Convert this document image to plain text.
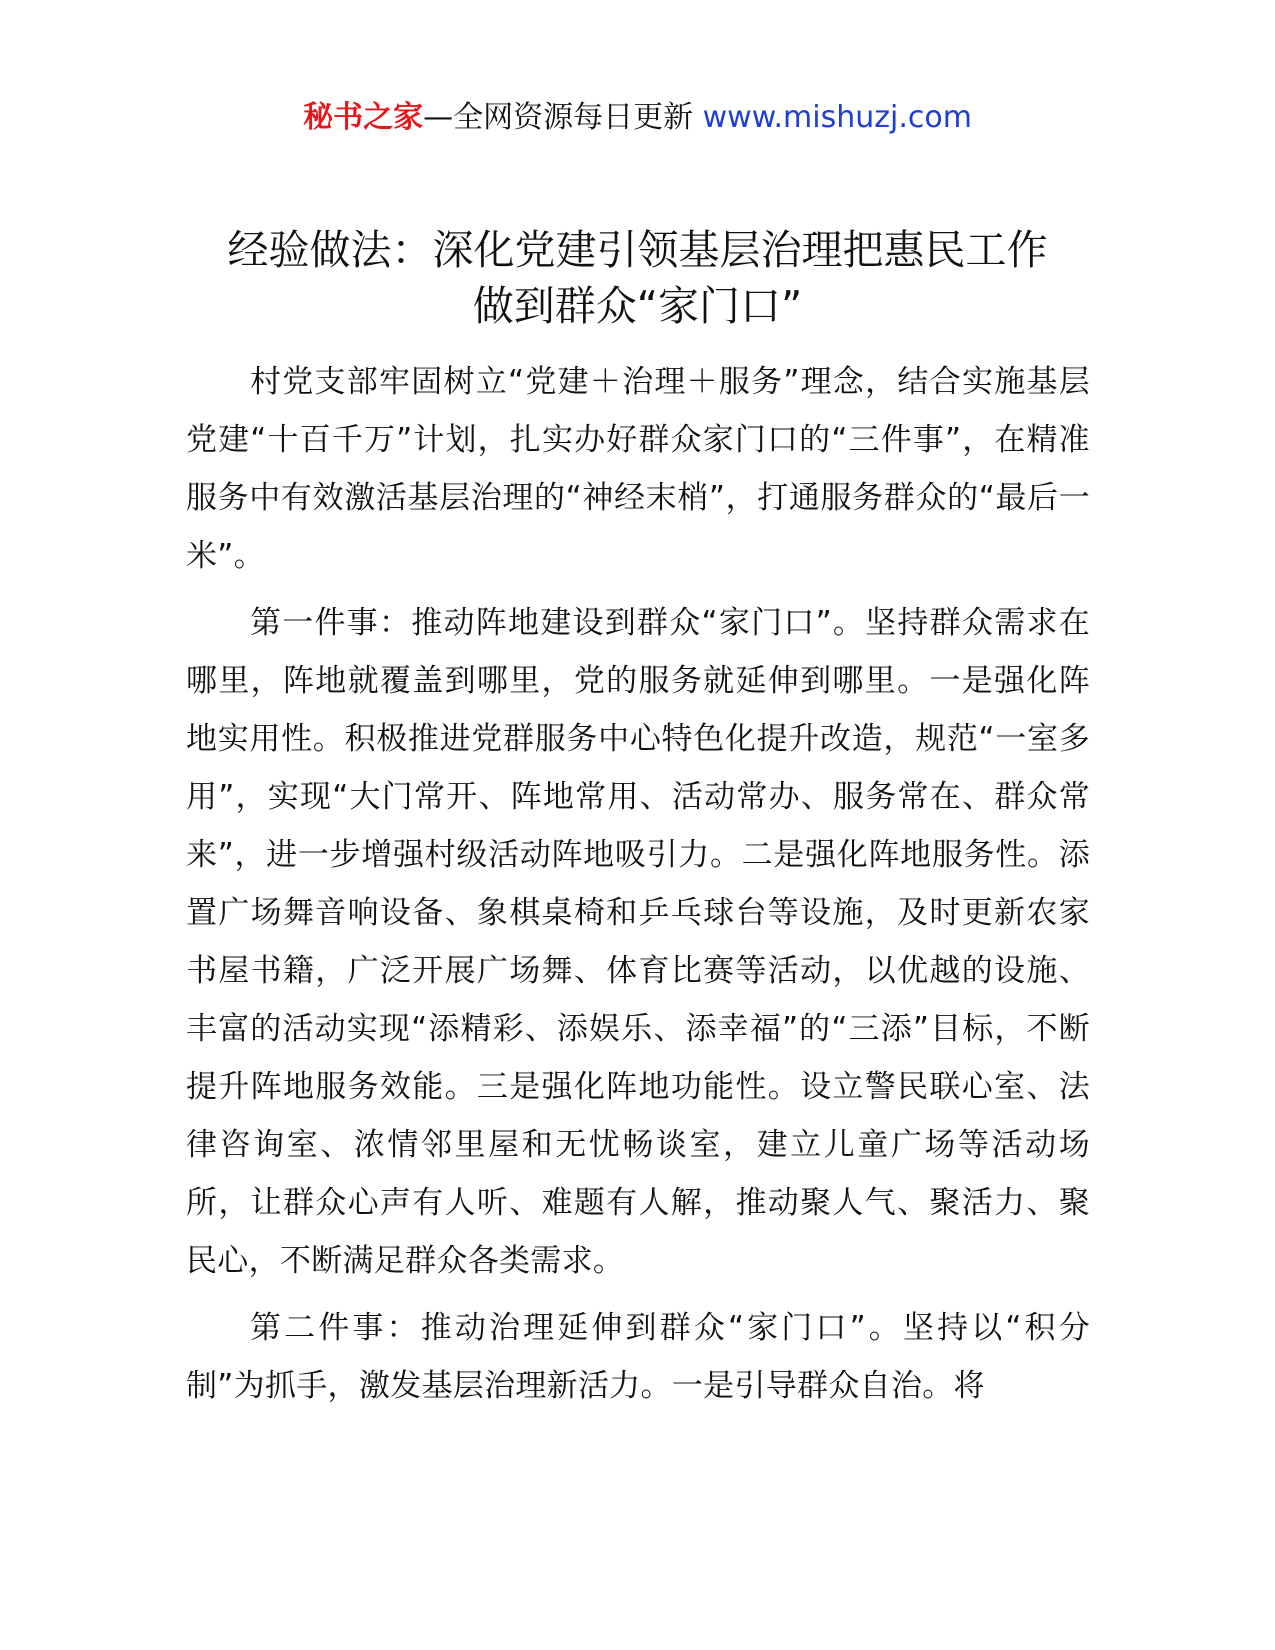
秘书之家—全网资源每日更新 www.mishuzj.com
经验做法：深化党建引领基层治理把惠民工作
做到群众“家门口”

村党支部牢固树立“党建＋治理＋服务”理念，结合实施基层党建“十百千万”计划，扎实办好群众家门口的“三件事”，在精准服务中有效激活基层治理的“神经末梢”，打通服务群众的“最后一米”。

第一件事：推动阵地建设到群众“家门口”。坚持群众需求在哪里，阵地就覆盖到哪里，党的服务就延伸到哪里。一是强化阵地实用性。积极推进党群服务中心特色化提升改造，规范“一室多用”，实现“大门常开、阵地常用、活动常办、服务常在、群众常来”，进一步增强村级活动阵地吸引力。二是强化阵地服务性。添置广场舞音响设备、象棋桌椅和乒乓球台等设施，及时更新农家书屋书籍，广泛开展广场舞、体育比赛等活动，以优越的设施、丰富的活动实现“添精彩、添娱乐、添幸福”的“三添”目标，不断提升阵地服务效能。三是强化阵地功能性。设立警民联心室、法律咨询室、浓情邻里屋和无忧畅谈室，建立儿童广场等活动场所，让群众心声有人听、难题有人解，推动聚人气、聚活力、聚民心，不断满足群众各类需求。

第二件事：推动治理延伸到群众“家门口”。坚持以“积分制”为抓手，激发基层治理新活力。一是引导群众自治。将
